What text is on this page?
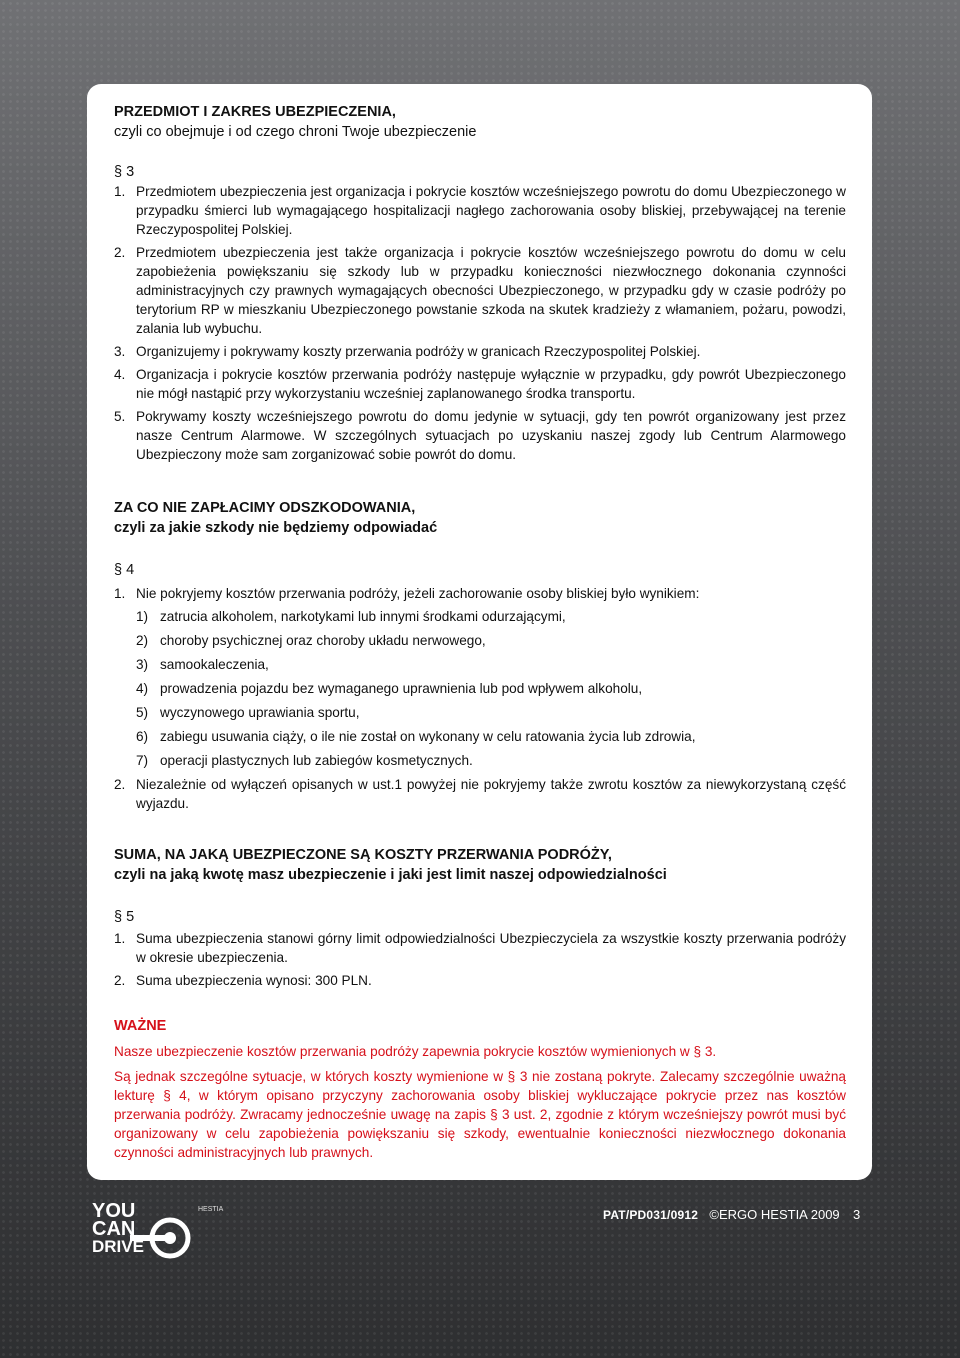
PRZEDMIOT I ZAKRES UBEZPIECZENIA,
czyli co obejmuje i od czego chroni Twoje ubezpieczenie

§ 3

1. Przedmiotem ubezpieczenia jest organizacja i pokrycie kosztów wcześniejszego powrotu do domu Ubezpieczonego w przypadku śmierci lub wymagającego hospitalizacji nagłego zachorowania osoby bliskiej, przebywającej na terenie Rzeczypospolitej Polskiej.
2. Przedmiotem ubezpieczenia jest także organizacja i pokrycie kosztów wcześniejszego powrotu do domu w celu zapobieżenia powiększaniu się szkody lub w przypadku konieczności niezwłocznego dokonania czynności administracyjnych czy prawnych wymagających obecności Ubezpieczonego, w przypadku gdy w czasie podróży po terytorium RP w mieszkaniu Ubezpieczonego powstanie szkoda na skutek kradzieży z włamaniem, pożaru, powodzi, zalania lub wybuchu.
3. Organizujemy i pokrywamy koszty przerwania podróży w granicach Rzeczypospolitej Polskiej.
4. Organizacja i pokrycie kosztów przerwania podróży następuje wyłącznie w przypadku, gdy powrót Ubezpieczonego nie mógł nastąpić przy wykorzystaniu wcześniej zaplanowanego środka transportu.
5. Pokrywamy koszty wcześniejszego powrotu do domu jedynie w sytuacji, gdy ten powrót organizowany jest przez nasze Centrum Alarmowe. W szczególnych sytuacjach po uzyskaniu naszej zgody lub Centrum Alarmowego Ubezpieczony może sam zorganizować sobie powrót do domu.

ZA CO NIE ZAPŁACIMY ODSZKODOWANIA,
czyli za jakie szkody nie będziemy odpowiadać

§ 4

1. Nie pokryjemy kosztów przerwania podróży, jeżeli zachorowanie osoby bliskiej było wynikiem:
1) zatrucia alkoholem, narkotykami lub innymi środkami odurzającymi,
2) choroby psychicznej oraz choroby układu nerwowego,
3) samookaleczenia,
4) prowadzenia pojazdu bez wymaganego uprawnienia lub pod wpływem alkoholu,
5) wyczynowego uprawiania sportu,
6) zabiegu usuwania ciąży, o ile nie został on wykonany w celu ratowania życia lub zdrowia,
7) operacji plastycznych lub zabiegów kosmetycznych.
2. Niezależnie od wyłączeń opisanych w ust.1 powyżej nie pokryjemy także zwrotu kosztów za niewykorzystaną część wyjazdu.

SUMA, NA JAKĄ UBEZPIECZONE SĄ KOSZTY PRZERWANIA PODRÓŻY,
czyli na jaką kwotę masz ubezpieczenie i jaki jest limit naszej odpowiedzialności

§ 5

1. Suma ubezpieczenia stanowi górny limit odpowiedzialności Ubezpieczyciela za wszystkie koszty przerwania podróży w okresie ubezpieczenia.
2. Suma ubezpieczenia wynosi: 300 PLN.

WAŻNE

Nasze ubezpieczenie kosztów przerwania podróży zapewnia pokrycie kosztów wymienionych w § 3.

Są jednak szczególne sytuacje, w których koszty wymienione w § 3 nie zostaną pokryte. Zalecamy szczególnie uważną lekturę § 4, w którym opisano przyczyny zachorowania osoby bliskiej wykluczające pokrycie przez nas kosztów przerwania podróży. Zwracamy jednocześnie uwagę na zapis § 3 ust. 2, zgodnie z którym wcześniejszy powrót musi być organizowany w celu zapobieżenia powiększaniu się szkody, ewentualnie konieczności niezwłocznego dokonania czynności administracyjnych lub prawnych.

YOU
CAN
DRIVE
HESTIA	PAT/PD031/0912 ©ERGO HESTIA 2009 3
